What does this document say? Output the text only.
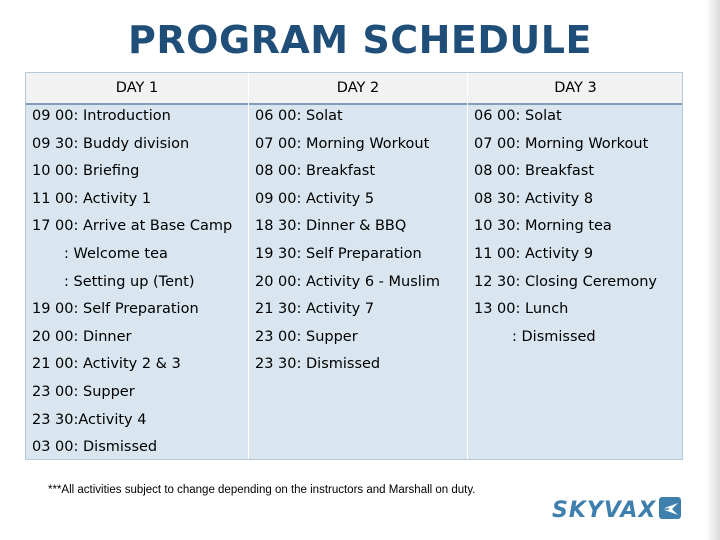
PROGRAM SCHEDULE
DAY 1
09 00: Introduction
09 30: Buddy division
10 00: Briefing
11 00: Activity 1
17 00: Arrive at Base Camp
: Welcome tea
: Setting up (Tent)
19 00: Self Preparation
20 00: Dinner
21 00: Activity 2 & 3
23 00: Supper
23 30:Activity 4
03 00: Dismissed
DAY 2
06 00: Solat
07 00: Morning Workout
08 00: Breakfast
09 00: Activity 5
18 30: Dinner & BBQ
19 30: Self Preparation
20 00: Activity 6 - Muslim
21 30: Activity 7
23 00: Supper
23 30: Dismissed
DAY 3
06 00: Solat
07 00: Morning Workout
08 00: Breakfast
08 30: Activity 8
10 30: Morning tea
11 00: Activity 9
12 30: Closing Ceremony
13 00: Lunch
: Dismissed
***All activities subject to change depending on the instructors and Marshall on duty.
SKYVAX
